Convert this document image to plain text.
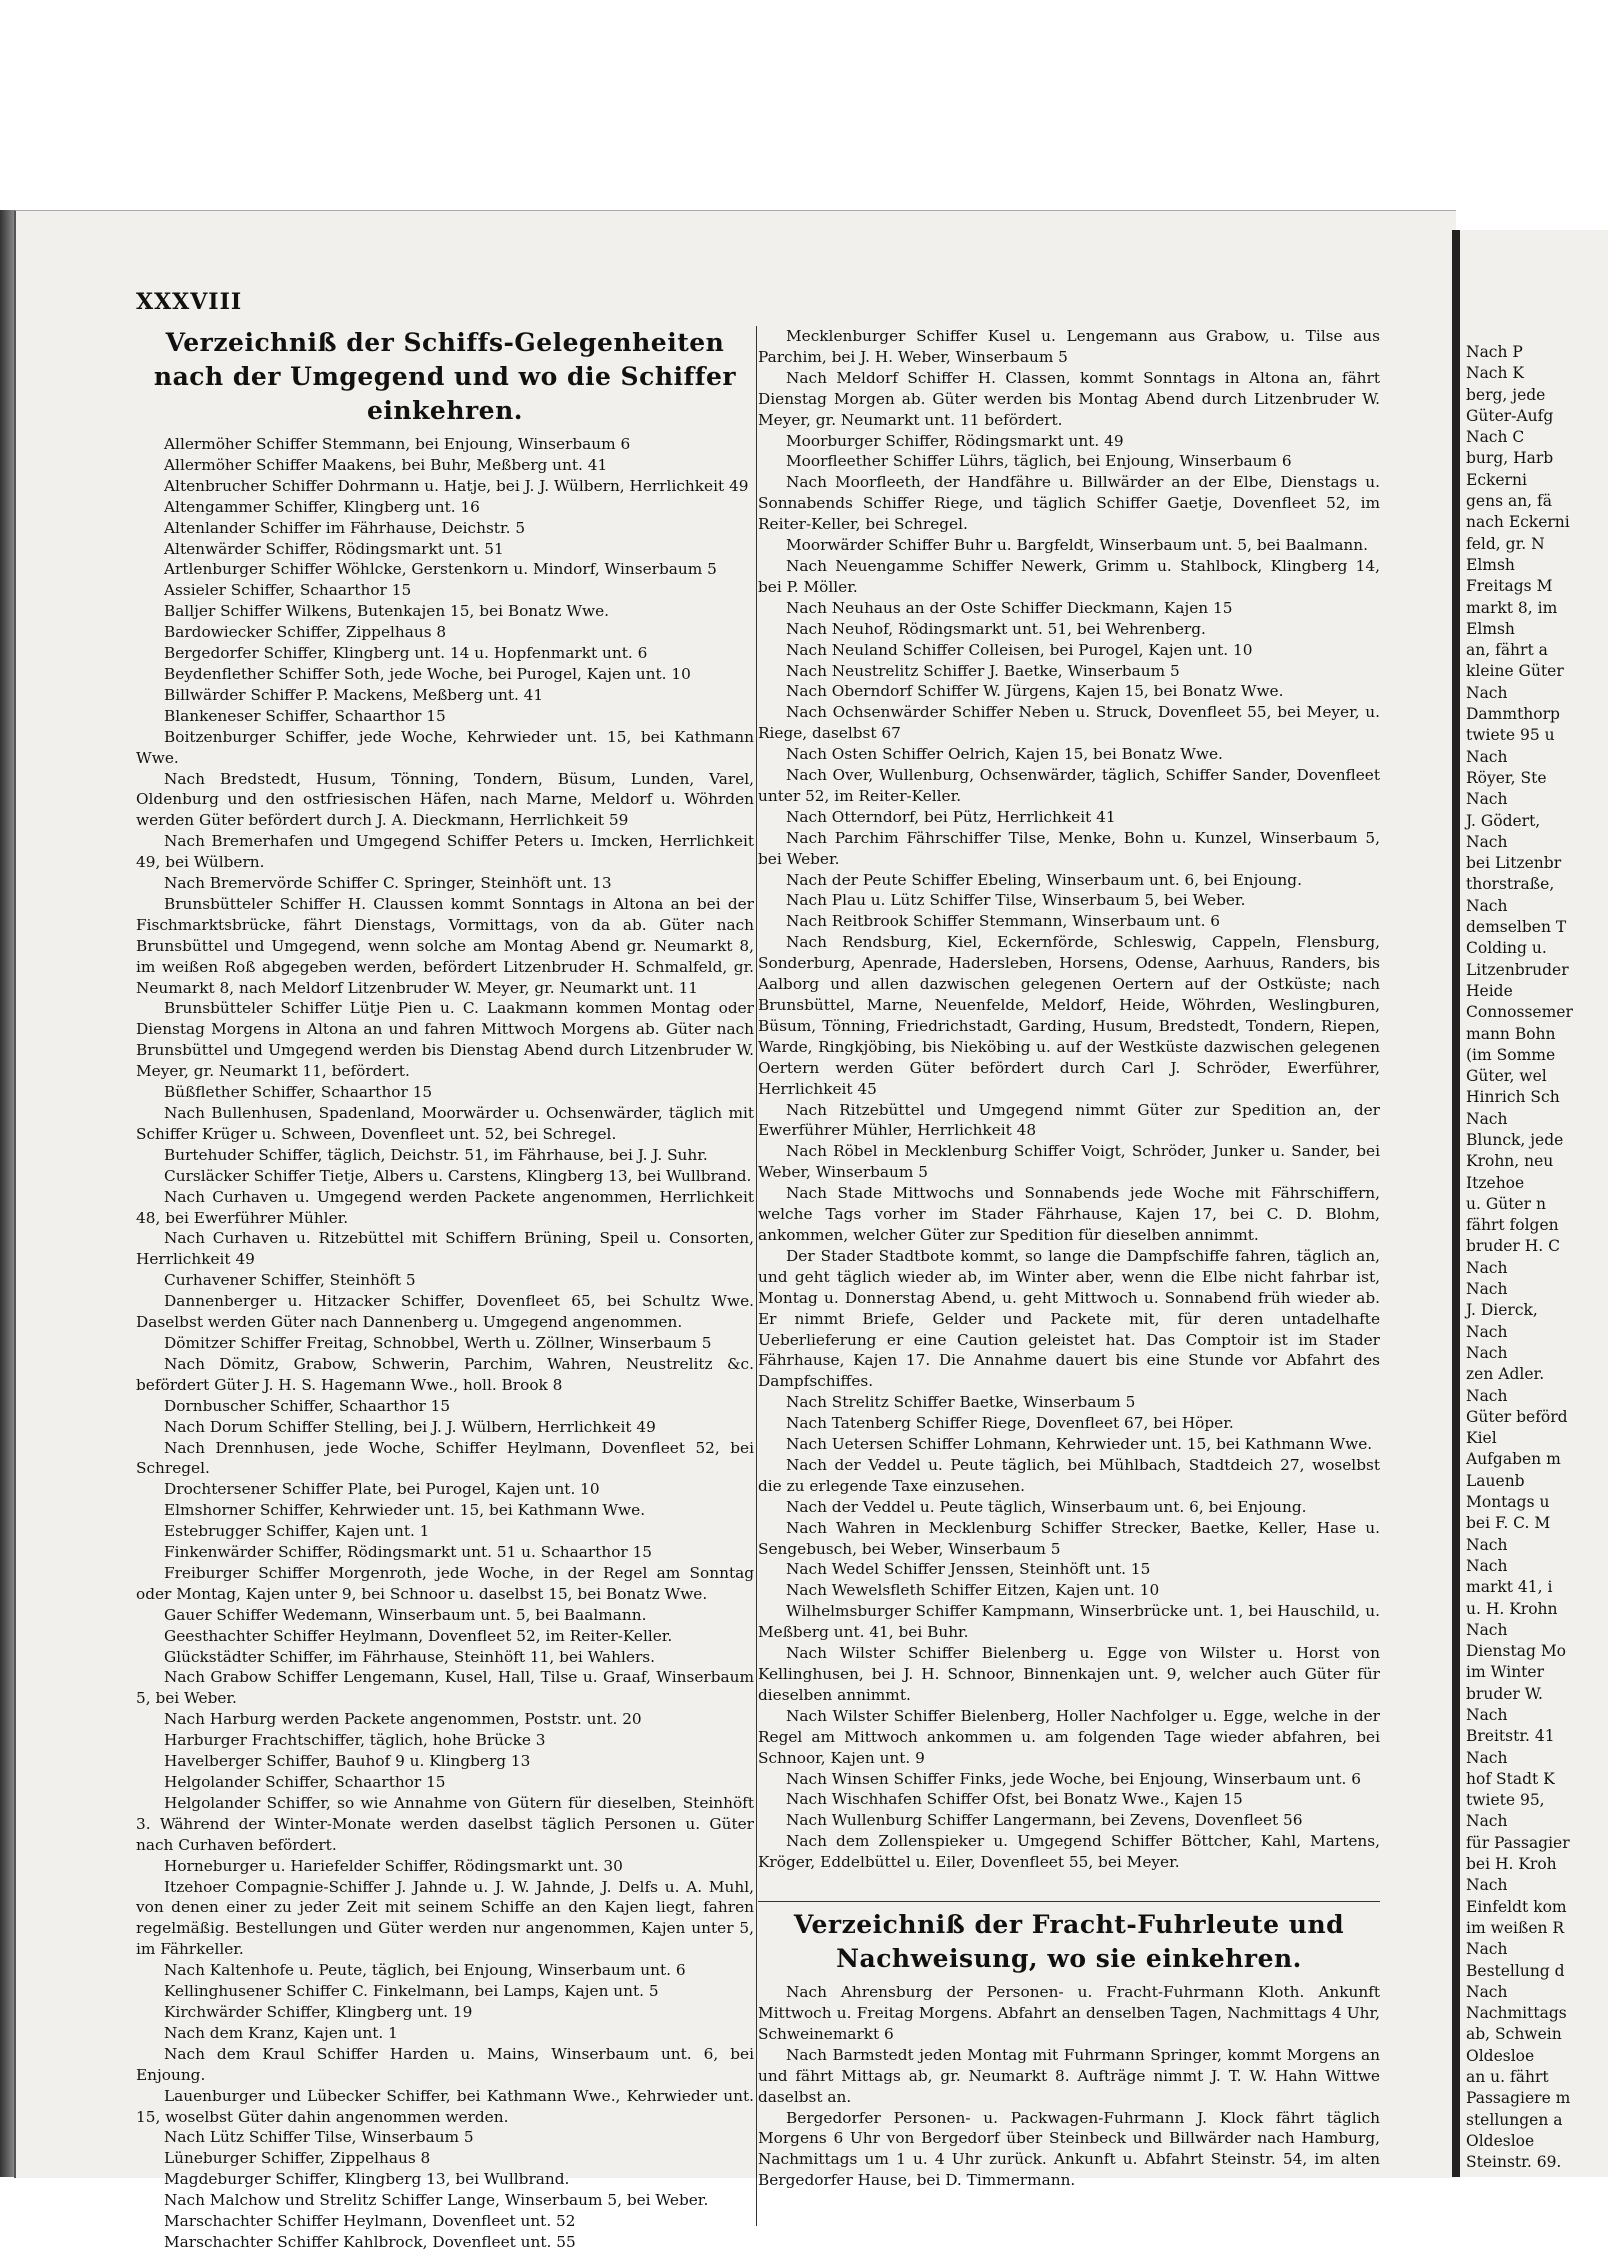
XXXVIII
Verzeichniß der Schiffs-Gelegenheiten nach der Umgegend und wo die Schiffer einkehren.

Allermöher Schiffer Stemmann, bei Enjoung, Winserbaum 6

Allermöher Schiffer Maakens, bei Buhr, Meßberg unt. 41

Altenbrucher Schiffer Dohrmann u. Hatje, bei J. J. Wülbern, Herrlichkeit 49

Altengammer Schiffer, Klingberg unt. 16

Altenlander Schiffer im Fährhause, Deichstr. 5

Altenwärder Schiffer, Rödingsmarkt unt. 51

Artlenburger Schiffer Wöhlcke, Gerstenkorn u. Mindorf, Winserbaum 5

Assieler Schiffer, Schaarthor 15

Balljer Schiffer Wilkens, Butenkajen 15, bei Bonatz Wwe.

Bardowiecker Schiffer, Zippelhaus 8

Bergedorfer Schiffer, Klingberg unt. 14 u. Hopfenmarkt unt. 6

Beydenflether Schiffer Soth, jede Woche, bei Purogel, Kajen unt. 10

Billwärder Schiffer P. Mackens, Meßberg unt. 41

Blankeneser Schiffer, Schaarthor 15

Boitzenburger Schiffer, jede Woche, Kehrwieder unt. 15, bei Kathmann Wwe.

Nach Bredstedt, Husum, Tönning, Tondern, Büsum, Lunden, Varel, Oldenburg und den ostfriesischen Häfen, nach Marne, Meldorf u. Wöhrden werden Güter befördert durch J. A. Dieckmann, Herrlichkeit 59

Nach Bremerhafen und Umgegend Schiffer Peters u. Imcken, Herrlichkeit 49, bei Wülbern.

Nach Bremervörde Schiffer C. Springer, Steinhöft unt. 13

Brunsbütteler Schiffer H. Claussen kommt Sonntags in Altona an bei der Fischmarktsbrücke, fährt Dienstags, Vormittags, von da ab. Güter nach Brunsbüttel und Umgegend, wenn solche am Montag Abend gr. Neumarkt 8, im weißen Roß abgegeben werden, befördert Litzenbruder H. Schmalfeld, gr. Neumarkt 8, nach Meldorf Litzenbruder W. Meyer, gr. Neumarkt unt. 11

Brunsbütteler Schiffer Lütje Pien u. C. Laakmann kommen Montag oder Dienstag Morgens in Altona an und fahren Mittwoch Morgens ab. Güter nach Brunsbüttel und Umgegend werden bis Dienstag Abend durch Litzenbruder W. Meyer, gr. Neumarkt 11, befördert.

Büßflether Schiffer, Schaarthor 15

Nach Bullenhusen, Spadenland, Moorwärder u. Ochsenwärder, täglich mit Schiffer Krüger u. Schween, Dovenfleet unt. 52, bei Schregel.

Burtehuder Schiffer, täglich, Deichstr. 51, im Fährhause, bei J. J. Suhr.

Cursläcker Schiffer Tietje, Albers u. Carstens, Klingberg 13, bei Wullbrand.

Nach Curhaven u. Umgegend werden Packete angenommen, Herrlichkeit 48, bei Ewerführer Mühler.

Nach Curhaven u. Ritzebüttel mit Schiffern Brüning, Speil u. Consorten, Herrlichkeit 49

Curhavener Schiffer, Steinhöft 5

Dannenberger u. Hitzacker Schiffer, Dovenfleet 65, bei Schultz Wwe. Daselbst werden Güter nach Dannenberg u. Umgegend angenommen.

Dömitzer Schiffer Freitag, Schnobbel, Werth u. Zöllner, Winserbaum 5

Nach Dömitz, Grabow, Schwerin, Parchim, Wahren, Neustrelitz &c. befördert Güter J. H. S. Hagemann Wwe., holl. Brook 8

Dornbuscher Schiffer, Schaarthor 15

Nach Dorum Schiffer Stelling, bei J. J. Wülbern, Herrlichkeit 49

Nach Drennhusen, jede Woche, Schiffer Heylmann, Dovenfleet 52, bei Schregel.

Drochtersener Schiffer Plate, bei Purogel, Kajen unt. 10

Elmshorner Schiffer, Kehrwieder unt. 15, bei Kathmann Wwe.

Estebrugger Schiffer, Kajen unt. 1

Finkenwärder Schiffer, Rödingsmarkt unt. 51 u. Schaarthor 15

Freiburger Schiffer Morgenroth, jede Woche, in der Regel am Sonntag oder Montag, Kajen unter 9, bei Schnoor u. daselbst 15, bei Bonatz Wwe.

Gauer Schiffer Wedemann, Winserbaum unt. 5, bei Baalmann.

Geesthachter Schiffer Heylmann, Dovenfleet 52, im Reiter-Keller.

Glückstädter Schiffer, im Fährhause, Steinhöft 11, bei Wahlers.

Nach Grabow Schiffer Lengemann, Kusel, Hall, Tilse u. Graaf, Winserbaum 5, bei Weber.

Nach Harburg werden Packete angenommen, Poststr. unt. 20

Harburger Frachtschiffer, täglich, hohe Brücke 3

Havelberger Schiffer, Bauhof 9 u. Klingberg 13

Helgolander Schiffer, Schaarthor 15

Helgolander Schiffer, so wie Annahme von Gütern für dieselben, Steinhöft 3. Während der Winter-Monate werden daselbst täglich Personen u. Güter nach Curhaven befördert.

Horneburger u. Hariefelder Schiffer, Rödingsmarkt unt. 30

Itzehoer Compagnie-Schiffer J. Jahnde u. J. W. Jahnde, J. Delfs u. A. Muhl, von denen einer zu jeder Zeit mit seinem Schiffe an den Kajen liegt, fahren regelmäßig. Bestellungen und Güter werden nur angenommen, Kajen unter 5, im Fährkeller.

Nach Kaltenhofe u. Peute, täglich, bei Enjoung, Winserbaum unt. 6

Kellinghusener Schiffer C. Finkelmann, bei Lamps, Kajen unt. 5

Kirchwärder Schiffer, Klingberg unt. 19

Nach dem Kranz, Kajen unt. 1

Nach dem Kraul Schiffer Harden u. Mains, Winserbaum unt. 6, bei Enjoung.

Lauenburger und Lübecker Schiffer, bei Kathmann Wwe., Kehrwieder unt. 15, woselbst Güter dahin angenommen werden.

Nach Lütz Schiffer Tilse, Winserbaum 5

Lüneburger Schiffer, Zippelhaus 8

Magdeburger Schiffer, Klingberg 13, bei Wullbrand.

Nach Malchow und Strelitz Schiffer Lange, Winserbaum 5, bei Weber.

Marschachter Schiffer Heylmann, Dovenfleet unt. 52

Marschachter Schiffer Kahlbrock, Dovenfleet unt. 55

Mecklenburger Schiffer Kusel u. Lengemann aus Grabow, u. Tilse aus Parchim, bei J. H. Weber, Winserbaum 5

Nach Meldorf Schiffer H. Classen, kommt Sonntags in Altona an, fährt Dienstag Morgen ab. Güter werden bis Montag Abend durch Litzenbruder W. Meyer, gr. Neumarkt unt. 11 befördert.

Moorburger Schiffer, Rödingsmarkt unt. 49

Moorfleether Schiffer Lührs, täglich, bei Enjoung, Winserbaum 6

Nach Moorfleeth, der Handfähre u. Billwärder an der Elbe, Dienstags u. Sonnabends Schiffer Riege, und täglich Schiffer Gaetje, Dovenfleet 52, im Reiter-Keller, bei Schregel.

Moorwärder Schiffer Buhr u. Bargfeldt, Winserbaum unt. 5, bei Baalmann.

Nach Neuengamme Schiffer Newerk, Grimm u. Stahlbock, Klingberg 14, bei P. Möller.

Nach Neuhaus an der Oste Schiffer Dieckmann, Kajen 15

Nach Neuhof, Rödingsmarkt unt. 51, bei Wehrenberg.

Nach Neuland Schiffer Colleisen, bei Purogel, Kajen unt. 10

Nach Neustrelitz Schiffer J. Baetke, Winserbaum 5

Nach Oberndorf Schiffer W. Jürgens, Kajen 15, bei Bonatz Wwe.

Nach Ochsenwärder Schiffer Neben u. Struck, Dovenfleet 55, bei Meyer, u. Riege, daselbst 67

Nach Osten Schiffer Oelrich, Kajen 15, bei Bonatz Wwe.

Nach Over, Wullenburg, Ochsenwärder, täglich, Schiffer Sander, Dovenfleet unter 52, im Reiter-Keller.

Nach Otterndorf, bei Pütz, Herrlichkeit 41

Nach Parchim Fährschiffer Tilse, Menke, Bohn u. Kunzel, Winserbaum 5, bei Weber.

Nach der Peute Schiffer Ebeling, Winserbaum unt. 6, bei Enjoung.

Nach Plau u. Lütz Schiffer Tilse, Winserbaum 5, bei Weber.

Nach Reitbrook Schiffer Stemmann, Winserbaum unt. 6

Nach Rendsburg, Kiel, Eckernförde, Schleswig, Cappeln, Flensburg, Sonderburg, Apenrade, Hadersleben, Horsens, Odense, Aarhuus, Randers, bis Aalborg und allen dazwischen gelegenen Oertern auf der Ostküste; nach Brunsbüttel, Marne, Neuenfelde, Meldorf, Heide, Wöhrden, Weslingburen, Büsum, Tönning, Friedrichstadt, Garding, Husum, Bredstedt, Tondern, Riepen, Warde, Ringkjöbing, bis Nieköbing u. auf der Westküste dazwischen gelegenen Oertern werden Güter befördert durch Carl J. Schröder, Ewerführer, Herrlichkeit 45

Nach Ritzebüttel und Umgegend nimmt Güter zur Spedition an, der Ewerführer Mühler, Herrlichkeit 48

Nach Röbel in Mecklenburg Schiffer Voigt, Schröder, Junker u. Sander, bei Weber, Winserbaum 5

Nach Stade Mittwochs und Sonnabends jede Woche mit Fährschiffern, welche Tags vorher im Stader Fährhause, Kajen 17, bei C. D. Blohm, ankommen, welcher Güter zur Spedition für dieselben annimmt.

Der Stader Stadtbote kommt, so lange die Dampfschiffe fahren, täglich an, und geht täglich wieder ab, im Winter aber, wenn die Elbe nicht fahrbar ist, Montag u. Donnerstag Abend, u. geht Mittwoch u. Sonnabend früh wieder ab. Er nimmt Briefe, Gelder und Packete mit, für deren untadelhafte Ueberlieferung er eine Caution geleistet hat. Das Comptoir ist im Stader Fährhause, Kajen 17. Die Annahme dauert bis eine Stunde vor Abfahrt des Dampfschiffes.

Nach Strelitz Schiffer Baetke, Winserbaum 5

Nach Tatenberg Schiffer Riege, Dovenfleet 67, bei Höper.

Nach Uetersen Schiffer Lohmann, Kehrwieder unt. 15, bei Kathmann Wwe.

Nach der Veddel u. Peute täglich, bei Mühlbach, Stadtdeich 27, woselbst die zu erlegende Taxe einzusehen.

Nach der Veddel u. Peute täglich, Winserbaum unt. 6, bei Enjoung.

Nach Wahren in Mecklenburg Schiffer Strecker, Baetke, Keller, Hase u. Sengebusch, bei Weber, Winserbaum 5

Nach Wedel Schiffer Jenssen, Steinhöft unt. 15

Nach Wewelsfleth Schiffer Eitzen, Kajen unt. 10

Wilhelmsburger Schiffer Kampmann, Winserbrücke unt. 1, bei Hauschild, u. Meßberg unt. 41, bei Buhr.

Nach Wilster Schiffer Bielenberg u. Egge von Wilster u. Horst von Kellinghusen, bei J. H. Schnoor, Binnenkajen unt. 9, welcher auch Güter für dieselben annimmt.

Nach Wilster Schiffer Bielenberg, Holler Nachfolger u. Egge, welche in der Regel am Mittwoch ankommen u. am folgenden Tage wieder abfahren, bei Schnoor, Kajen unt. 9

Nach Winsen Schiffer Finks, jede Woche, bei Enjoung, Winserbaum unt. 6

Nach Wischhafen Schiffer Ofst, bei Bonatz Wwe., Kajen 15

Nach Wullenburg Schiffer Langermann, bei Zevens, Dovenfleet 56

Nach dem Zollenspieker u. Umgegend Schiffer Böttcher, Kahl, Martens, Kröger, Eddelbüttel u. Eiler, Dovenfleet 55, bei Meyer.

Verzeichniß der Fracht-Fuhrleute und Nachweisung, wo sie einkehren.

Nach Ahrensburg der Personen- u. Fracht-Fuhrmann Kloth. Ankunft Mittwoch u. Freitag Morgens. Abfahrt an denselben Tagen, Nachmittags 4 Uhr, Schweinemarkt 6

Nach Barmstedt jeden Montag mit Fuhrmann Springer, kommt Morgens an und fährt Mittags ab, gr. Neumarkt 8. Aufträge nimmt J. T. W. Hahn Wittwe daselbst an.

Bergedorfer Personen- u. Packwagen-Fuhrmann J. Klock fährt täglich Morgens 6 Uhr von Bergedorf über Steinbeck und Billwärder nach Hamburg, Nachmittags um 1 u. 4 Uhr zurück. Ankunft u. Abfahrt Steinstr. 54, im alten Bergedorfer Hause, bei D. Timmermann.

Nach P
Nach K
berg, jede
Güter-Aufg
Nach C
burg, Harb
Eckerni
gens an, fä
nach Eckerni
feld, gr. N
Elmsh
Freitags M
markt 8, im
Elmsh
an, fährt a
kleine Güter
Nach
Dammthorp
twiete 95 u
Nach
Röyer, Ste
Nach
J. Gödert,
Nach
bei Litzenbr
thorstraße,
Nach
demselben T
Colding u.
Litzenbruder
Heide
Connossemer
mann Bohn
(im Somme
Güter, wel
Hinrich Sch
Nach
Blunck, jede
Krohn, neu
Itzehoe
u. Güter n
fährt folgen
bruder H. C
Nach
Nach
J. Dierck,
Nach
Nach
zen Adler.
Nach
Güter beförd
Kiel
Aufgaben m
Lauenb
Montags u
bei F. C. M
Nach
Nach
markt 41, i
u. H. Krohn
Nach
Dienstag Mo
im Winter
bruder W.
Nach
Breitstr. 41
Nach
hof Stadt K
twiete 95,
Nach
für Passagier
bei H. Kroh
Nach
Einfeldt kom
im weißen R
Nach
Bestellung d
Nach
Nachmittags
ab, Schwein
Oldesloe
an u. fährt
Passagiere m
stellungen a
Oldesloe
Steinstr. 69.
